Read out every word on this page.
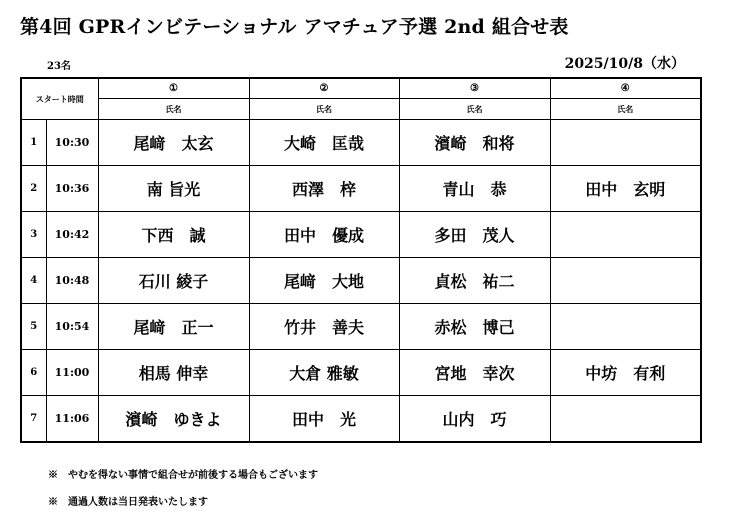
第4回 GPRインビテーショナル アマチュア予選 2nd 組合せ表
23名	2025/10/8（水）
スタート時間		①	②	③	④
		氏名	氏名	氏名	氏名
1	10:30	尾﨑　太玄	大崎　匡哉	濱崎　和将	
2	10:36	南 旨光	西澤　梓	青山　恭	田中　玄明
3	10:42	下西　誠	田中　優成	多田　茂人	
4	10:48	石川 綾子	尾﨑　大地	貞松　祐二	
5	10:54	尾﨑　正一	竹井　善夫	赤松　博己	
6	11:00	相馬 伸幸	大倉 雅敏	宮地　幸次	中坊　有利
7	11:06	濱崎　ゆきよ	田中　光	山内　巧	
※　やむを得ない事情で組合せが前後する場合もございます
※　通過人数は当日発表いたします
